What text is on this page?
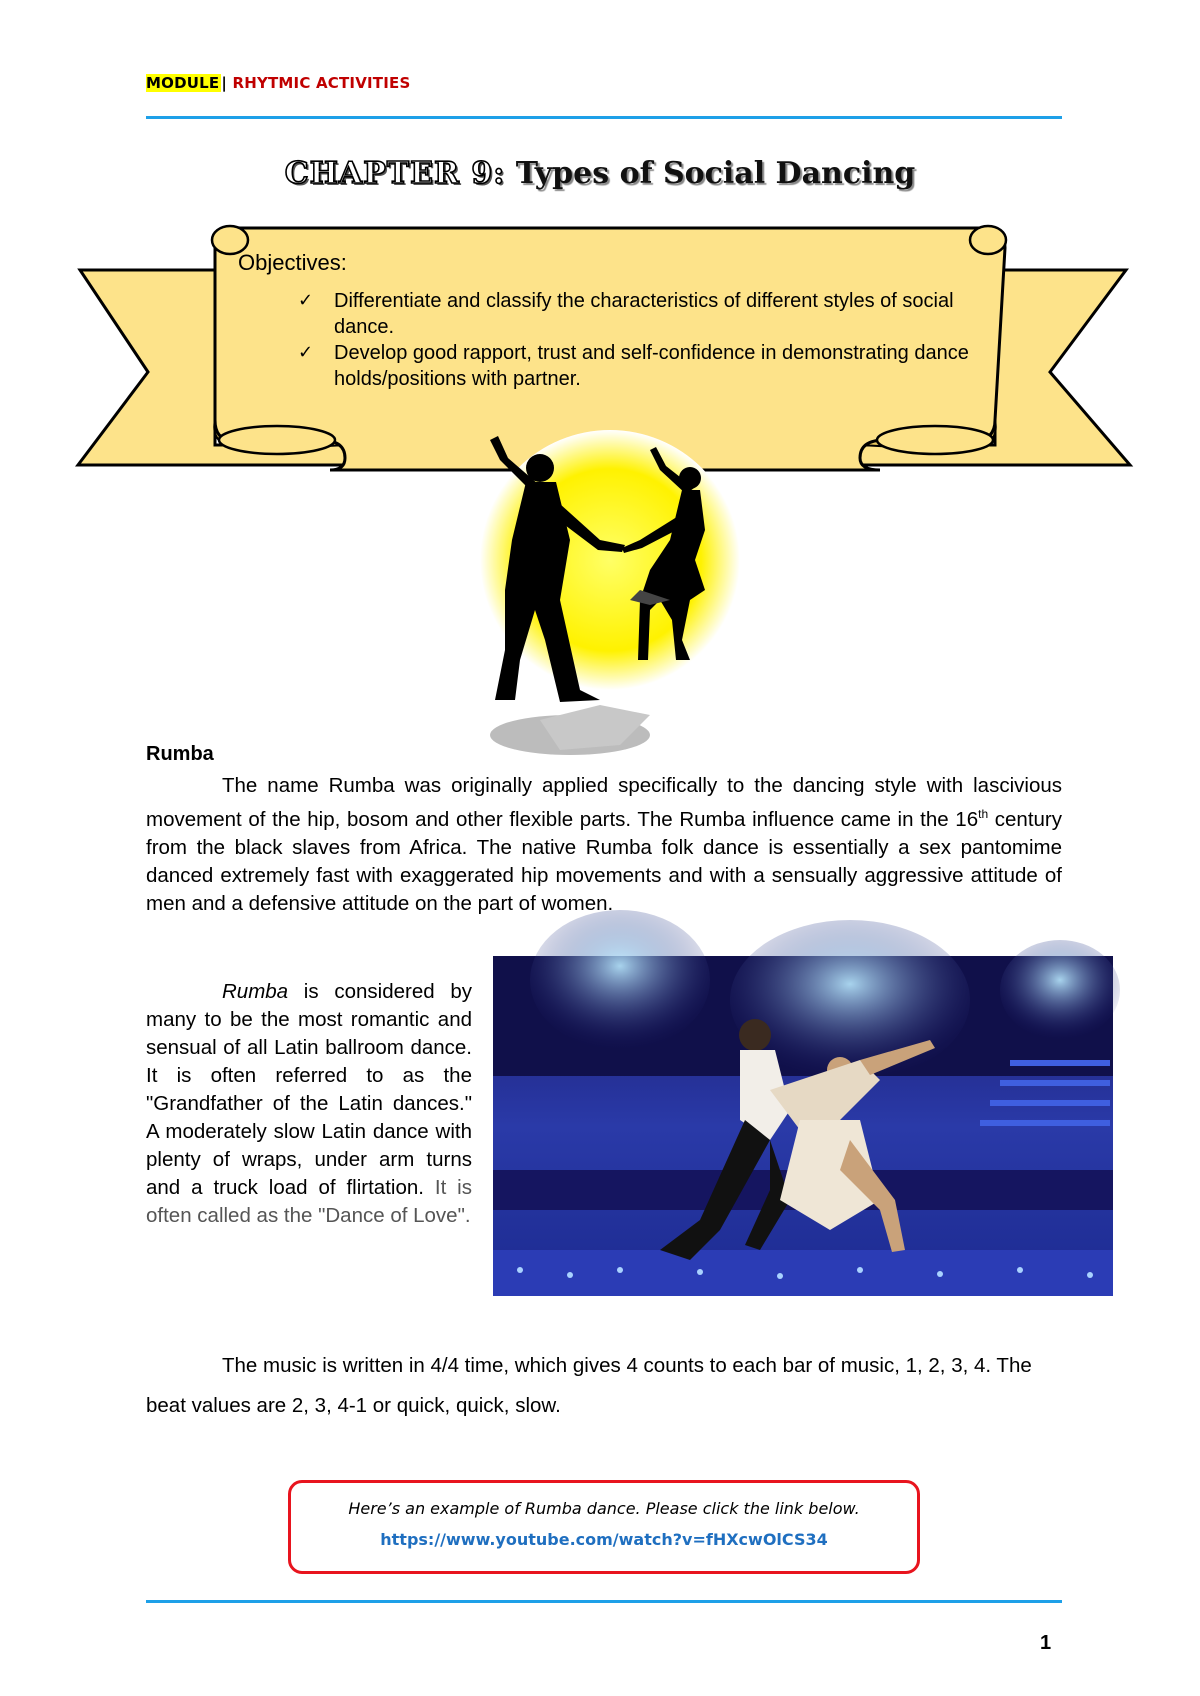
MODULE | RHYTMIC ACTIVITIES
CHAPTER 9: Types of Social Dancing
Objectives:
✓	Differentiate and classify the characteristics of different styles of social dance.
✓	Develop good rapport, trust and self-confidence in demonstrating dance holds/positions with partner.
Rumba
The name Rumba was originally applied specifically to the dancing style with lascivious movement of the hip, bosom and other flexible parts. The Rumba influence came in the 16th century from the black slaves from Africa. The native Rumba folk dance is essentially a sex pantomime danced extremely fast with exaggerated hip movements and with a sensually aggressive attitude of men and a defensive attitude on the part of women.
Rumba is considered by many to be the most romantic and sensual of all Latin ballroom dance. It is often referred to as the "Grandfather of the Latin dances." A moderately slow Latin dance with plenty of wraps, under arm turns and a truck load of flirtation. It is often called as the "Dance of Love".
The music is written in 4/4 time, which gives 4 counts to each bar of music, 1, 2, 3, 4. The beat values are 2, 3, 4-1 or quick, quick, slow.
Here’s an example of Rumba dance. Please click the link below.
https://www.youtube.com/watch?v=fHXcwOlCS34
1
